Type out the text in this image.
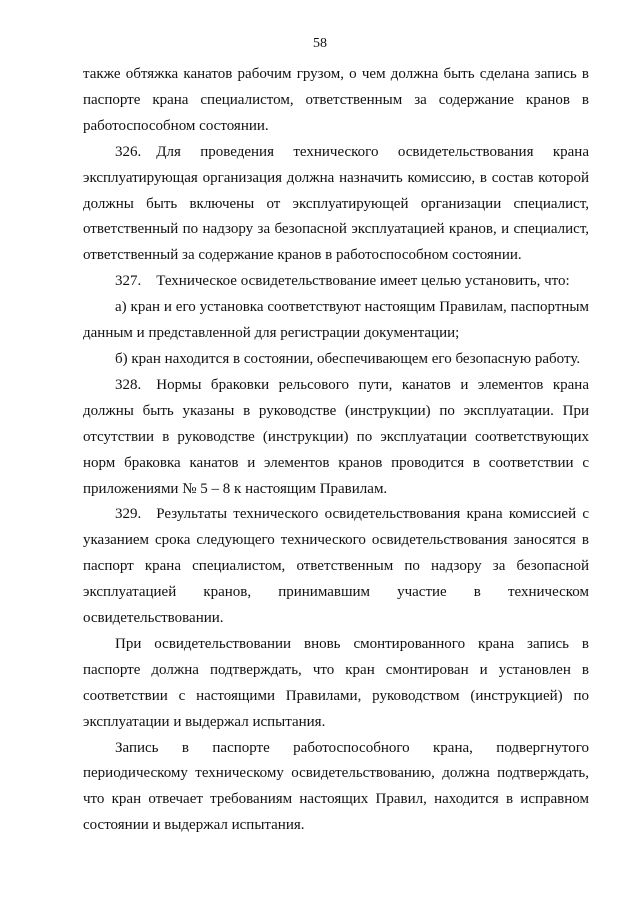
58

также обтяжка канатов рабочим грузом, о чем должна быть сделана запись в паспорте крана специалистом, ответственным за содержание кранов в работоспособном состоянии.

326. Для проведения технического освидетельствования крана эксплуатирующая организация должна назначить комиссию, в состав которой должны быть включены от эксплуатирующей организации специалист, ответственный по надзору за безопасной эксплуатацией кранов, и специалист, ответственный за содержание кранов в работоспособном состоянии.

327. Техническое освидетельствование имеет целью установить, что:

а) кран и его установка соответствуют настоящим Правилам, паспортным данным и представленной для регистрации документации;

б) кран находится в состоянии, обеспечивающем его безопасную работу.

328. Нормы браковки рельсового пути, канатов и элементов крана должны быть указаны в руководстве (инструкции) по эксплуатации. При отсутствии в руководстве (инструкции) по эксплуатации соответствующих норм браковка канатов и элементов кранов проводится в соответствии с приложениями № 5 – 8 к настоящим Правилам.

329. Результаты технического освидетельствования крана комиссией с указанием срока следующего технического освидетельствования заносятся в паспорт крана специалистом, ответственным по надзору за безопасной эксплуатацией кранов, принимавшим участие в техническом освидетельствовании.

При освидетельствовании вновь смонтированного крана запись в паспорте должна подтверждать, что кран смонтирован и установлен в соответствии с настоящими Правилами, руководством (инструкцией) по эксплуатации и выдержал испытания.

Запись в паспорте работоспособного крана, подвергнутого периодическому техническому освидетельствованию, должна подтверждать, что кран отвечает требованиям настоящих Правил, находится в исправном состоянии и выдержал испытания.
